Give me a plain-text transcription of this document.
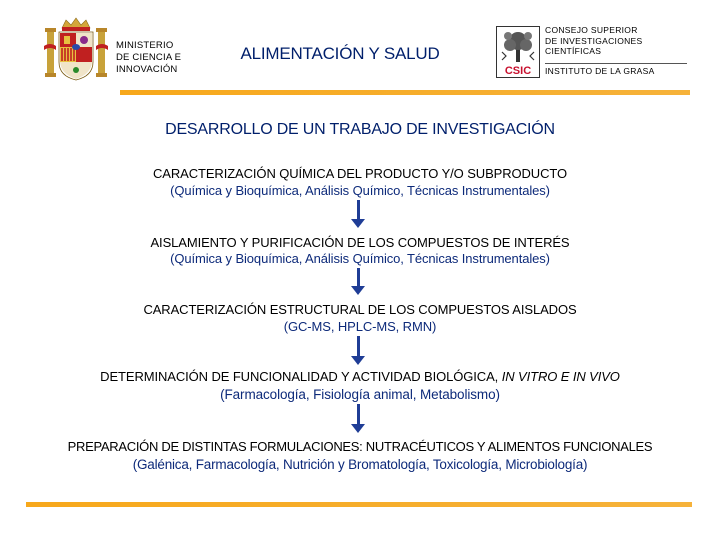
MINISTERIO
DE CIENCIA E
INNOVACIÓN
ALIMENTACIÓN Y SALUD
CSIC
CONSEJO SUPERIOR
DE INVESTIGACIONES
CIENTÍFICAS
INSTITUTO DE LA GRASA
DESARROLLO DE UN TRABAJO DE INVESTIGACIÓN
CARACTERIZACIÓN QUÍMICA DEL PRODUCTO Y/O SUBPRODUCTO
(Química y Bioquímica, Análisis Químico, Técnicas Instrumentales)
AISLAMIENTO Y PURIFICACIÓN DE LOS COMPUESTOS DE INTERÉS
(Química y Bioquímica, Análisis Químico, Técnicas Instrumentales)
CARACTERIZACIÓN ESTRUCTURAL DE LOS COMPUESTOS AISLADOS
(GC-MS, HPLC-MS, RMN)
DETERMINACIÓN DE FUNCIONALIDAD Y ACTIVIDAD BIOLÓGICA, IN VITRO E IN VIVO
(Farmacología, Fisiología animal, Metabolismo)
PREPARACIÓN DE DISTINTAS FORMULACIONES: NUTRACÉUTICOS Y ALIMENTOS FUNCIONALES
(Galénica, Farmacología, Nutrición y Bromatología, Toxicología, Microbiología)
